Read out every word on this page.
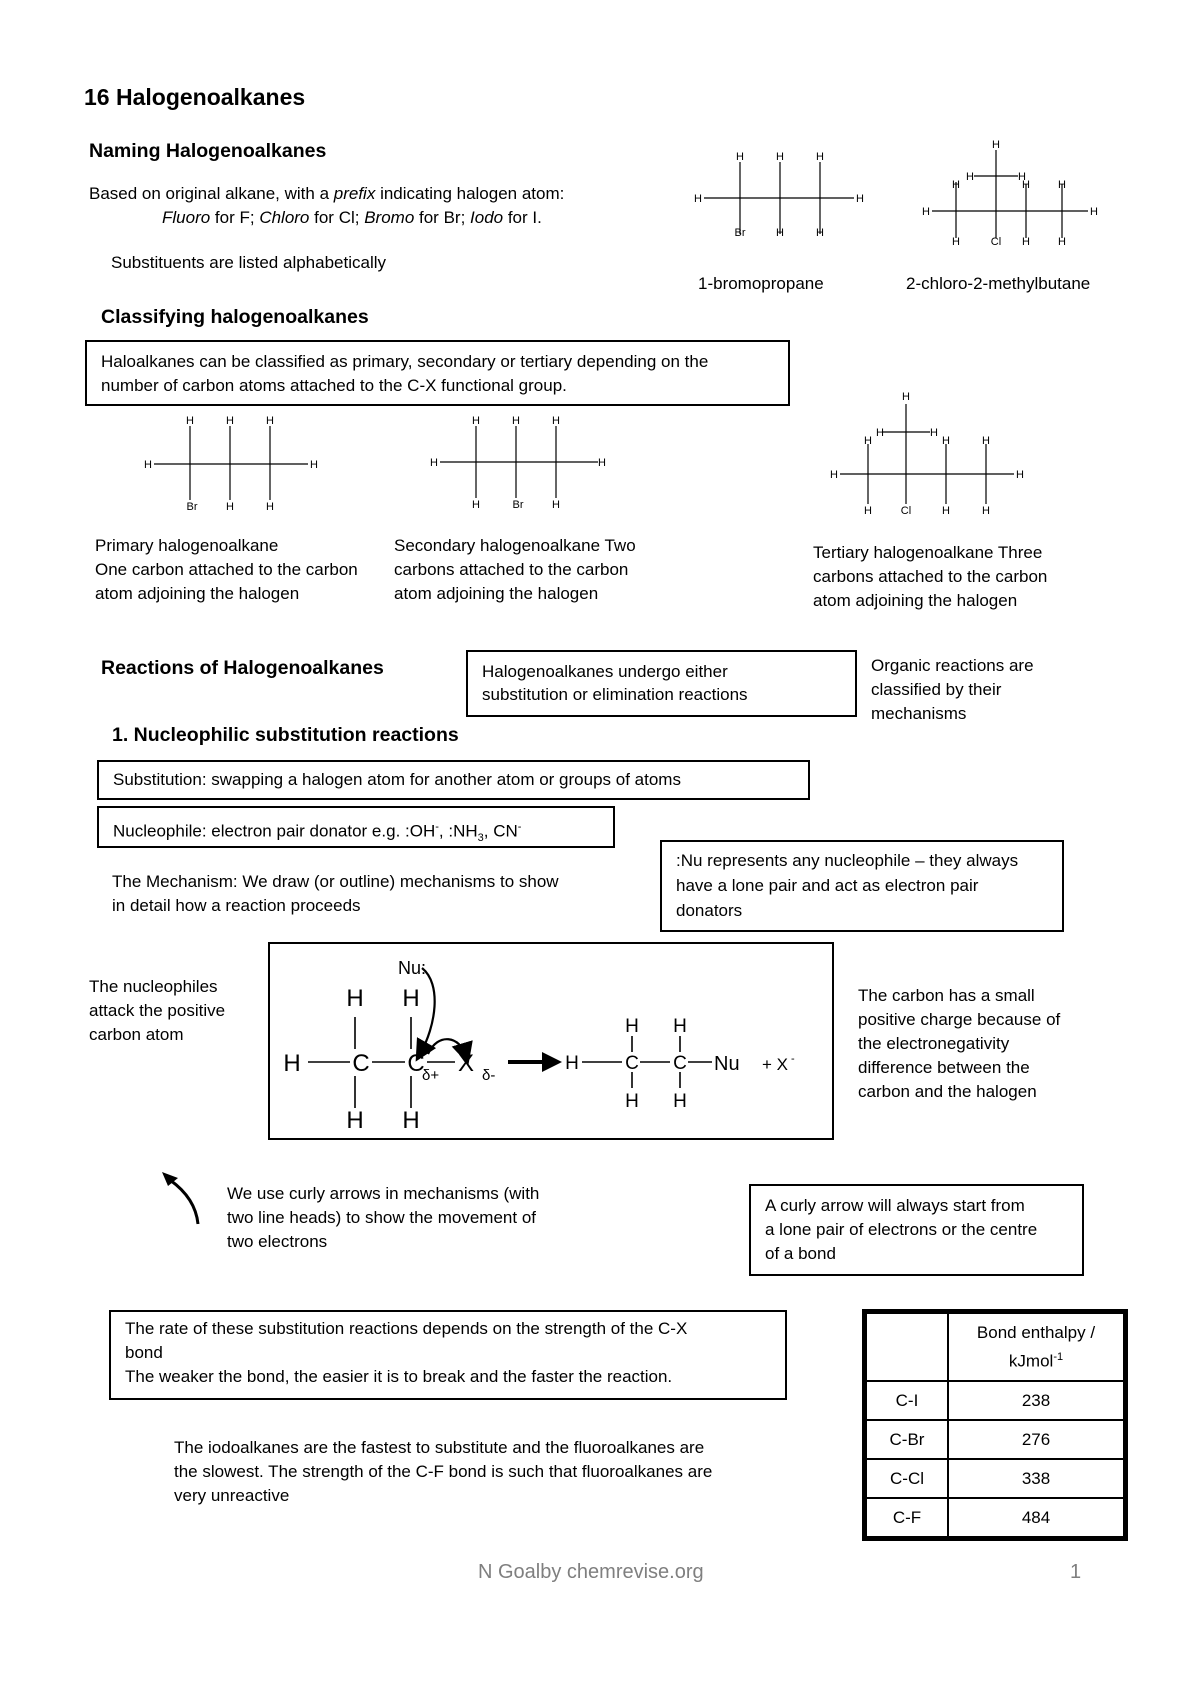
16 Halogenoalkanes
Naming Halogenoalkanes
Based on original alkane, with a prefix indicating halogen atom:
Fluoro for F; Chloro for Cl; Bromo for Br; Iodo for I.
Substituents are listed alphabetically
H	H	H
H	H
Br	H	H
1-bromopropane
H
H	H
H	H	H
H	H
H	Cl H	H
2-chloro-2-methylbutane
Classifying halogenoalkanes
Haloalkanes can be classified as primary, secondary or tertiary depending on the
number of carbon atoms attached to the C-X functional group.
H	H	H
H	H
Br	H	H
H	H	H
H	H
H	Br	H
H
H	H
H	H	H
H	H
H	Cl	H	H
Primary halogenoalkane
One carbon attached to the carbon
atom adjoining the halogen
Secondary halogenoalkane Two
carbons attached to the carbon
atom adjoining the halogen
Tertiary halogenoalkane Three
carbons attached to the carbon
atom adjoining the halogen
Reactions of Halogenoalkanes	Halogenoalkanes undergo either
substitution or elimination reactions
Organic reactions are
classified by their
mechanisms
1. Nucleophilic substitution reactions
Substitution: swapping a halogen atom for another atom or groups of atoms
Nucleophile: electron pair donator e.g. :OH-, $:NH_3$, CN-
:Nu represents any nucleophile – they always
have a lone pair and act as electron pair
donators
The Mechanism: We draw (or outline) mechanisms to show
in detail how a reaction proceeds
The nucleophiles
attack the positive
carbon atom
Nu:
H H
H C C X
H H
δ+	δ-
H H
H C C Nu
H H
+ X -
The carbon has a small
positive charge because of
the electronegativity
difference between the
carbon and the halogen
We use curly arrows in mechanisms (with
two line heads) to show the movement of
two electrons
A curly arrow will always start from
a lone pair of electrons or the centre
of a bond
The rate of these substitution reactions depends on the strength of the C-X
bond
The weaker the bond, the easier it is to break and the faster the reaction.
The iodoalkanes are the fastest to substitute and the fluoroalkanes are
the slowest. The strength of the C-F bond is such that fluoroalkanes are
very unreactive

	Bond enthalpy /
kJmol$^{-1}$

C-I	238
C-Br	276
C-Cl	338
C-F	484
N Goalby chemrevise.org	1
